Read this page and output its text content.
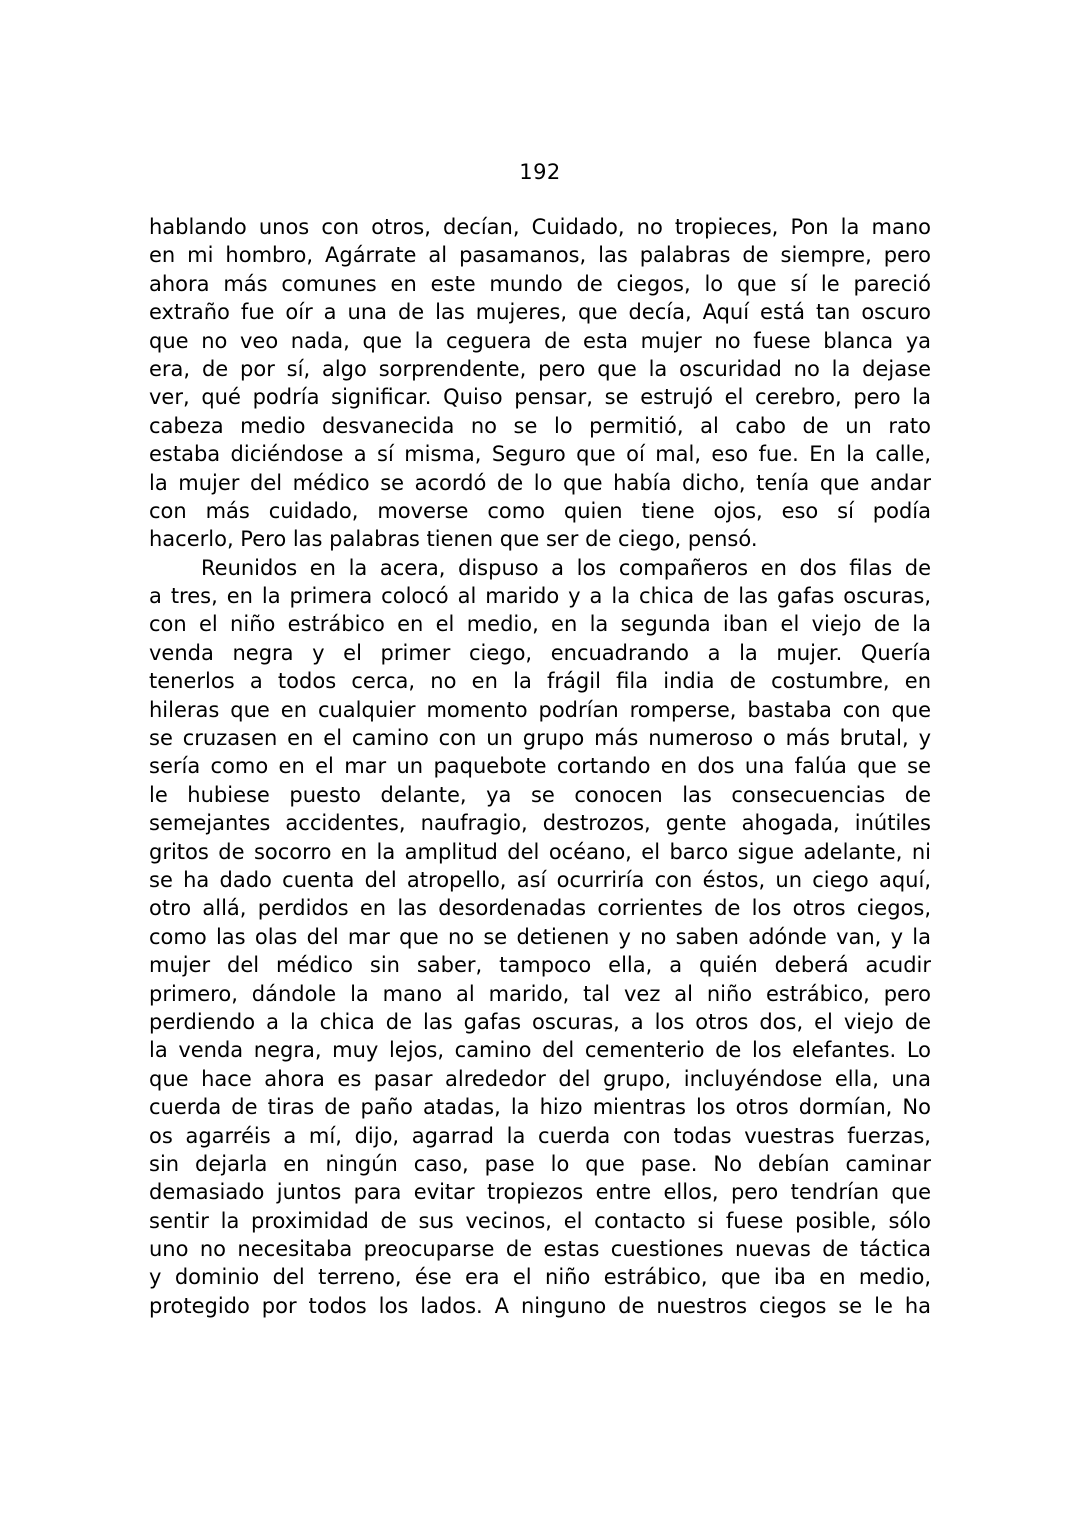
192
hablando unos con otros, decían, Cuidado, no tropieces, Pon la mano
en mi hombro, Agárrate al pasamanos, las palabras de siempre, pero
ahora más comunes en este mundo de ciegos, lo que sí le pareció
extraño fue oír a una de las mujeres, que decía, Aquí está tan oscuro
que no veo nada, que la ceguera de esta mujer no fuese blanca ya
era, de por sí, algo sorprendente, pero que la oscuridad no la dejase
ver, qué podría significar. Quiso pensar, se estrujó el cerebro, pero la
cabeza medio desvanecida no se lo permitió, al cabo de un rato
estaba diciéndose a sí misma, Seguro que oí mal, eso fue. En la calle,
la mujer del médico se acordó de lo que había dicho, tenía que andar
con más cuidado, moverse como quien tiene ojos, eso sí podía
hacerlo, Pero las palabras tienen que ser de ciego, pensó.
Reunidos en la acera, dispuso a los compañeros en dos filas de
a tres, en la primera colocó al marido y a la chica de las gafas oscuras,
con el niño estrábico en el medio, en la segunda iban el viejo de la
venda negra y el primer ciego, encuadrando a la mujer. Quería
tenerlos a todos cerca, no en la frágil fila india de costumbre, en
hileras que en cualquier momento podrían romperse, bastaba con que
se cruzasen en el camino con un grupo más numeroso o más brutal, y
sería como en el mar un paquebote cortando en dos una falúa que se
le hubiese puesto delante, ya se conocen las consecuencias de
semejantes accidentes, naufragio, destrozos, gente ahogada, inútiles
gritos de socorro en la amplitud del océano, el barco sigue adelante, ni
se ha dado cuenta del atropello, así ocurriría con éstos, un ciego aquí,
otro allá, perdidos en las desordenadas corrientes de los otros ciegos,
como las olas del mar que no se detienen y no saben adónde van, y la
mujer del médico sin saber, tampoco ella, a quién deberá acudir
primero, dándole la mano al marido, tal vez al niño estrábico, pero
perdiendo a la chica de las gafas oscuras, a los otros dos, el viejo de
la venda negra, muy lejos, camino del cementerio de los elefantes. Lo
que hace ahora es pasar alrededor del grupo, incluyéndose ella, una
cuerda de tiras de paño atadas, la hizo mientras los otros dormían, No
os agarréis a mí, dijo, agarrad la cuerda con todas vuestras fuerzas,
sin dejarla en ningún caso, pase lo que pase. No debían caminar
demasiado juntos para evitar tropiezos entre ellos, pero tendrían que
sentir la proximidad de sus vecinos, el contacto si fuese posible, sólo
uno no necesitaba preocuparse de estas cuestiones nuevas de táctica
y dominio del terreno, ése era el niño estrábico, que iba en medio,
protegido por todos los lados. A ninguno de nuestros ciegos se le ha
